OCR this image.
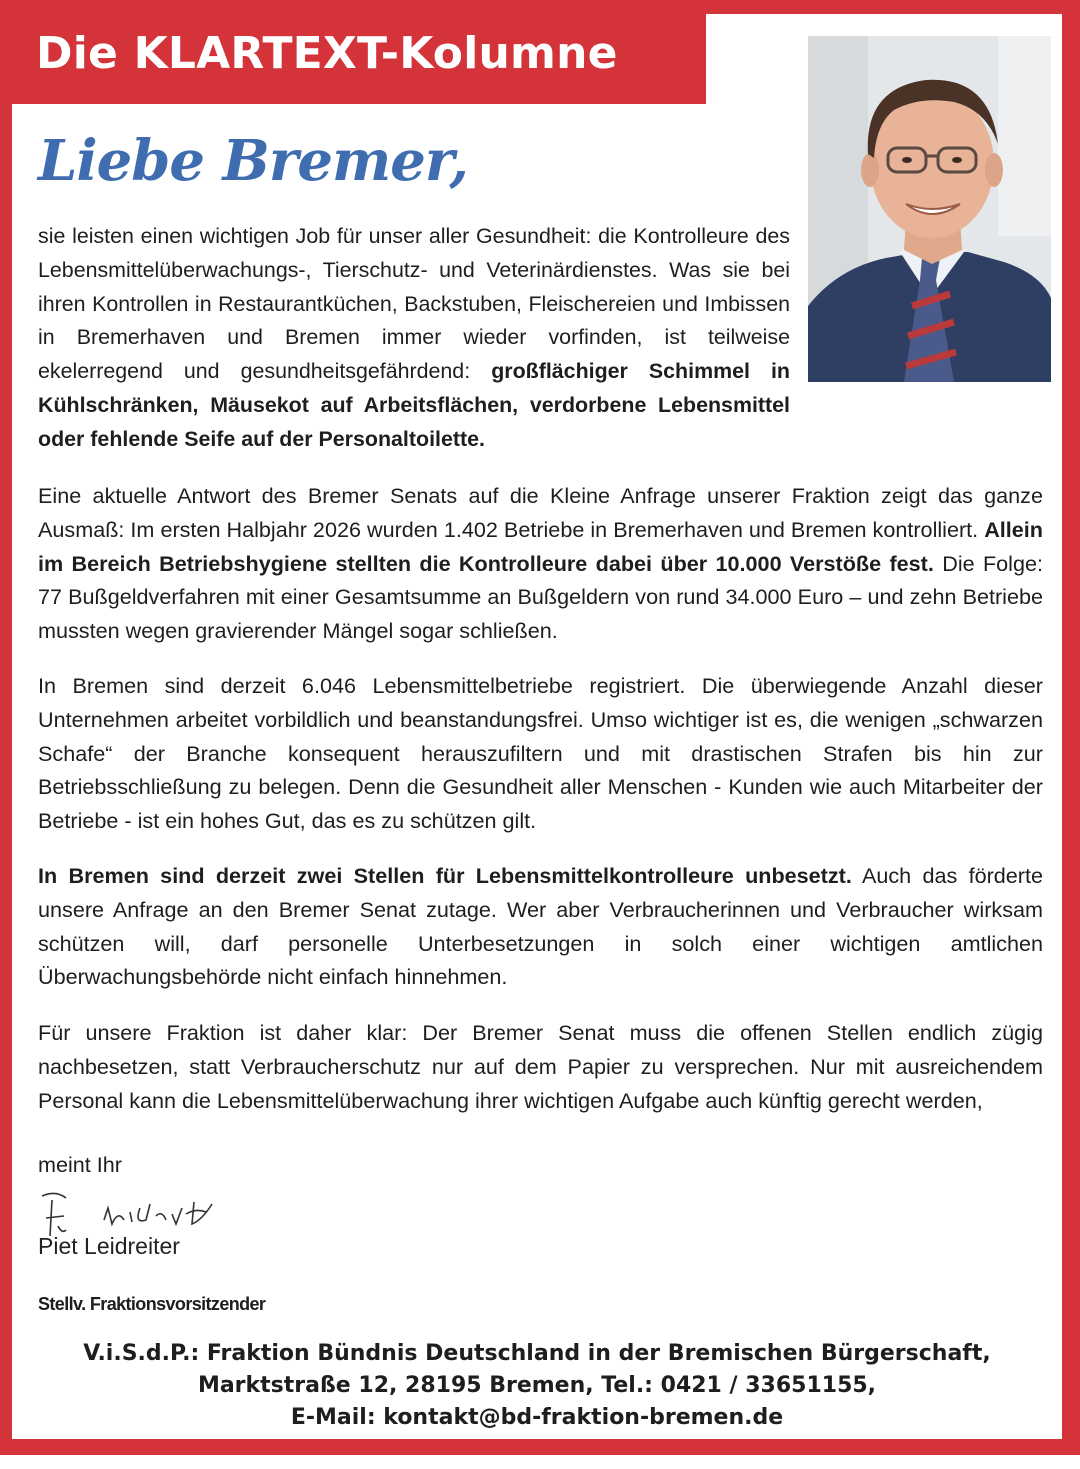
Die KLARTEXT-Kolumne
Liebe Bremer,

sie leisten einen wichtigen Job für unser aller Gesundheit: die Kontrolleure des Lebensmittelüberwachungs-, Tierschutz- und Veterinärdienstes. Was sie bei ihren Kontrollen in Restaurantküchen, Backstuben, Fleischereien und Imbissen in Bremerhaven und Bremen immer wieder vorfinden, ist teilweise ekelerregend und gesundheitsgefährdend: großflächiger Schimmel in Kühlschränken, Mäusekot auf Arbeitsflächen, verdorbene Lebensmittel oder fehlende Seife auf der Personaltoilette.

Eine aktuelle Antwort des Bremer Senats auf die Kleine Anfrage unserer Fraktion zeigt das ganze Ausmaß: Im ersten Halbjahr 2026 wurden 1.402 Betriebe in Bremerhaven und Bremen kontrolliert. Allein im Bereich Betriebshygiene stellten die Kontrolleure dabei über 10.000 Verstöße fest. Die Folge: 77 Bußgeldverfahren mit einer Gesamtsumme an Bußgeldern von rund 34.000 Euro – und zehn Betriebe mussten wegen gravierender Mängel sogar schließen.

In Bremen sind derzeit 6.046 Lebensmittelbetriebe registriert. Die überwiegende Anzahl dieser Unternehmen arbeitet vorbildlich und beanstandungsfrei. Umso wichtiger ist es, die wenigen „schwarzen Schafe“ der Branche konsequent herauszufiltern und mit drastischen Strafen bis hin zur Betriebsschließung zu belegen. Denn die Gesundheit aller Menschen - Kunden wie auch Mitarbeiter der Betriebe - ist ein hohes Gut, das es zu schützen gilt.

In Bremen sind derzeit zwei Stellen für Lebensmittelkontrolleure unbesetzt. Auch das förderte unsere Anfrage an den Bremer Senat zutage. Wer aber Verbraucherinnen und Verbraucher wirksam schützen will, darf personelle Unterbesetzungen in solch einer wichtigen amtlichen Überwachungsbehörde nicht einfach hinnehmen.

Für unsere Fraktion ist daher klar: Der Bremer Senat muss die offenen Stellen endlich zügig nachbesetzen, statt Verbraucherschutz nur auf dem Papier zu versprechen. Nur mit ausreichendem Personal kann die Lebensmittelüberwachung ihrer wichtigen Aufgabe auch künftig gerecht werden,

meint Ihr

Piet Leidreiter

Stellv. Fraktionsvorsitzender

V.i.S.d.P.: Fraktion Bündnis Deutschland in der Bremischen Bürgerschaft,
Marktstraße 12, 28195 Bremen, Tel.: 0421 / 33651155,
E-Mail: kontakt@bd-fraktion-bremen.de
